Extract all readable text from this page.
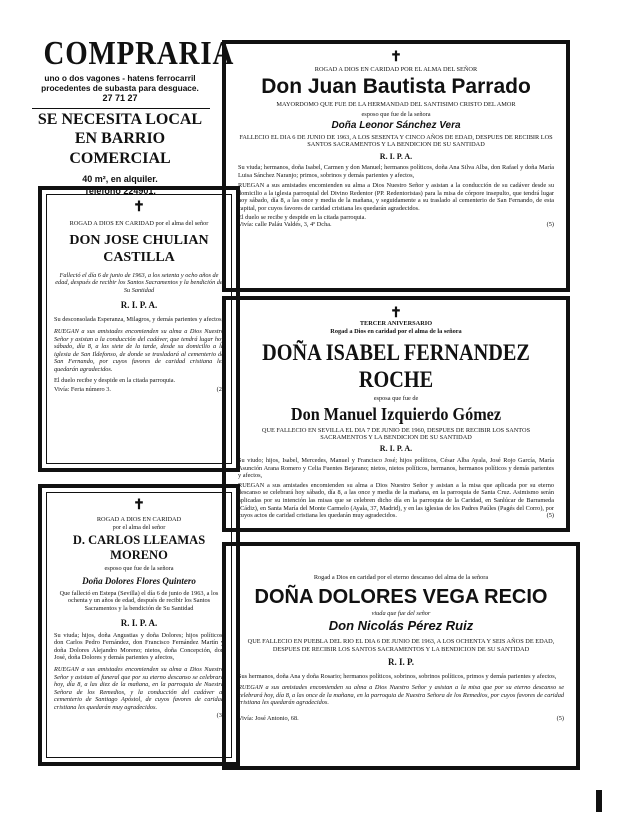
COMPRARIA
uno o dos vagones - hatens ferrocarril procedentes de subasta para desguace.
27 71 27
SE NECESITA LOCAL
EN BARRIO COMERCIAL
40 m², en alquiler.
Teléfono 224901.
✝
ROGAD A DIOS EN CARIDAD por el alma del señor
DON JOSE CHULIAN CASTILLA
Falleció el día 6 de junio de 1963, a los setenta y ocho años de edad, después de recibir los Santos Sacramentos y la bendición de Su Santidad
R. I. P. A.
Su desconsolada Esperanza, Milagros, y demás parientes y afectos,
RUEGAN a sus amistades encomienden su alma a Dios Nuestro Señor y asistan a la conducción del cadáver, que tendrá lugar hoy sábado, día 8, a las siete de la tarde, desde su domicilio a la iglesia de San Ildefonso, de donde se trasladará al cementerio de San Fernando, por cuyos favores de caridad cristiana les quedarán agradecidos.
El duelo recibe y despide en la citada parroquia.
Vivía: Feria número 3.	(2)
✝
ROGAD A DIOS EN CARIDAD
por el alma del señor
D. CARLOS LLEAMAS MORENO
esposo que fue de la señora
Doña Dolores Flores Quintero
Que falleció en Estepa (Sevilla) el día 6 de junio de 1963, a los ochenta y un años de edad, después de recibir los Santos Sacramentos y la bendición de Su Santidad
R. I. P. A.
Su viuda; hijos, doña Angustias y doña Dolores; hijos políticos, don Carlos Pedro Fernández, don Francisco Fernández Martín y doña Dolores Alejandro Moreno; nietos, doña Concepción, don José, doña Dolores y demás parientes y afectos,
RUEGAN a sus amistades encomienden su alma a Dios Nuestro Señor y asistan al funeral que por su eterno descanso se celebrará hoy, día 8, a las diez de la mañana, en la parroquia de Nuestra Señora de los Remedios, y la conducción del cadáver al cementerio de Santiago Apóstol, de cuyos favores de caridad cristiana les quedarán muy agradecidos.
(3)
✝
ROGAD A DIOS EN CARIDAD POR EL ALMA DEL SEÑOR
Don Juan Bautista Parrado
MAYORDOMO QUE FUE DE LA HERMANDAD DEL SANTISIMO CRISTO DEL AMOR
esposo que fue de la señora
Doña Leonor Sánchez Vera
FALLECIO EL DIA 6 DE JUNIO DE 1963, A LOS SESENTA Y CINCO AÑOS DE EDAD, DESPUES DE RECIBIR LOS SANTOS SACRAMENTOS Y LA BENDICION DE SU SANTIDAD
R. I. P. A.
Su viuda; hermanos, doña Isabel, Carmen y don Manuel; hermanos políticos, doña Ana Silva Alba, don Rafael y doña María Luisa Sánchez Naranjo; primos, sobrinos y demás parientes y afectos,
RUEGAN a sus amistades encomienden su alma a Dios Nuestro Señor y asistan a la conducción de su cadáver desde su domicilio a la iglesia parroquial del Divino Redentor (PP. Redentoristas) para la misa de córpore insepulto, que tendrá lugar hoy sábado, día 8, a las once y media de la mañana, y seguidamente a su traslado al cementerio de San Fernando, de esta capital, por cuyos favores de caridad cristiana les quedarán agradecidos.
El duelo se recibe y despide en la citada parroquia.
Vivía: calle Paláu Valdés, 3, 4º Dcha.	(5)
✝
TERCER ANIVERSARIO
Rogad a Dios en caridad por el alma de la señora
DOÑA ISABEL FERNANDEZ ROCHE
esposa que fue de
Don Manuel Izquierdo Gómez
QUE FALLECIO EN SEVILLA EL DIA 7 DE JUNIO DE 1960, DESPUES DE RECIBIR LOS SANTOS SACRAMENTOS Y LA BENDICION DE SU SANTIDAD
R. I. P. A.
Su viudo; hijos, Isabel, Mercedes, Manuel y Francisco José; hijos políticos, César Alba Ayala, José Rojo García, María Asunción Arana Romero y Celia Fuentes Bejarano; nietos, nietos políticos, hermanos, hermanos políticos y demás parientes y afectos,
RUEGAN a sus amistades encomienden su alma a Dios Nuestro Señor y asistan a la misa que aplicada por su eterno descanso se celebrará hoy sábado, día 8, a las once y media de la mañana, en la parroquia de Santa Cruz. Asimismo serán aplicadas por su intención las misas que se celebren dicho día en la parroquia de la Caridad, en Sanlúcar de Barrameda (Cádiz), en Santa María del Monte Carmelo (Ayala, 37, Madrid), y en las iglesias de los Padres Paúles (Pagés del Corro), por cuyos actos de caridad cristiana les quedarán muy agradecidos.	(5)
Rogad a Dios en caridad por el eterno descanso del alma de la señora
DOÑA DOLORES VEGA RECIO
viuda que fue del señor
Don Nicolás Pérez Ruiz
QUE FALLECIO EN PUEBLA DEL RIO EL DIA 6 DE JUNIO DE 1963, A LOS OCHENTA Y SEIS AÑOS DE EDAD, DESPUES DE RECIBIR LOS SANTOS SACRAMENTOS Y LA BENDICION DE SU SANTIDAD
R. I. P.
Sus hermanos, doña Ana y doña Rosario; hermanos políticos, sobrinos, sobrinos políticos, primos y demás parientes y afectos,
RUEGAN a sus amistades encomienden su alma a Dios Nuestro Señor y asistan a la misa que por su eterno descanso se celebrará hoy, día 8, a las once de la mañana, en la parroquia de Nuestra Señora de los Remedios, por cuyos favores de caridad cristiana les quedarán agradecidos.
Vivía: José Antonio, 68.	(5)
